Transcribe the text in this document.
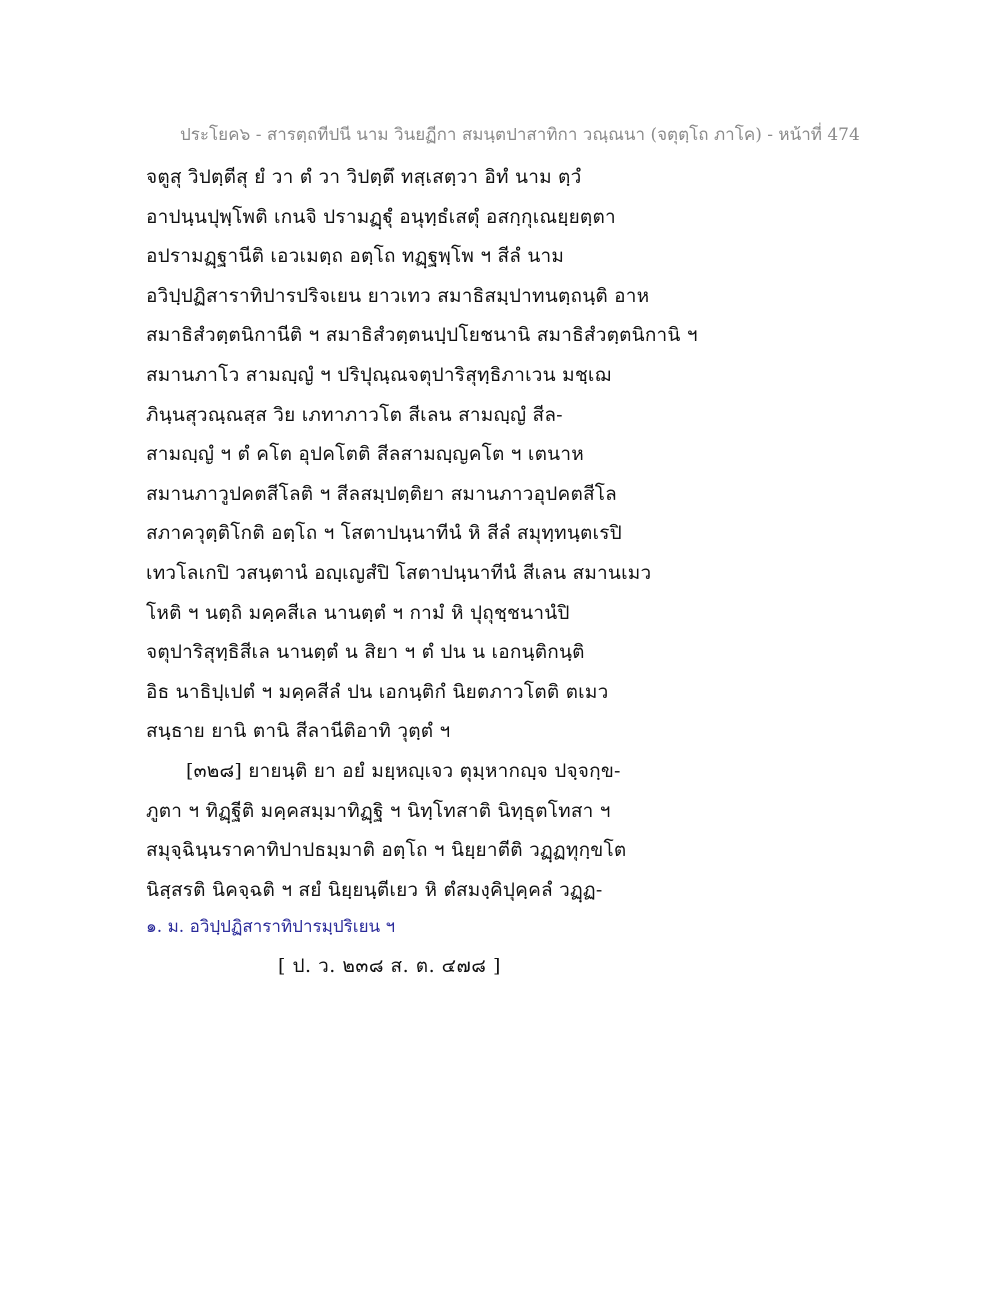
ประโยค๖ - สารตฺถทีปนี นาม วินยฏีกา สมนฺตปาสาทิกา วณฺณนา (จตุตฺโถ ภาโค) - หน้าที่ 474
จตูสุ วิปตฺตีสุ ยํ วา ตํ วา วิปตฺตึ ทสฺเสตฺวา อิทํ นาม ตฺวํ
อาปนฺนปุพฺโพติ เกนจิ ปรามฏฺฐุํ อนุทฺธํเสตุํ อสกฺกุเณยฺยตฺตา
อปรามฏฺฐานีติ เอวเมตฺถ อตฺโถ ทฏฺฐพฺโพ ฯ สีลํ นาม
อวิปฺปฏิสาราทิปารปริจเยน ยาวเทว สมาธิสมฺปาทนตฺถนฺติ อาห
สมาธิสํวตฺตนิกานีติ ฯ สมาธิสํวตฺตนปฺปโยชนานิ สมาธิสํวตฺตนิกานิ ฯ
สมานภาโว สามญฺญํ ฯ ปริปุณฺณจตุปาริสุทฺธิภาเวน มชฺเฌ
ภินฺนสุวณฺณสฺส วิย เภทาภาวโต สีเลน สามญฺญํ สีล-
สามญฺญํ ฯ ตํ คโต อุปคโตติ สีลสามญฺญคโต ฯ เตนาห
สมานภาวูปคตสีโลติ ฯ สีลสมฺปตฺติยา สมานภาวอุปคตสีโล
สภาควุตฺติโกติ อตฺโถ ฯ โสตาปนฺนาทีนํ หิ สีลํ สมุทฺทนฺตเรปิ
เทวโลเกปิ วสนฺตานํ อญฺเญสํปิ โสตาปนฺนาทีนํ สีเลน สมานเมว
โหติ ฯ นตฺถิ มคฺคสีเล นานตฺตํ ฯ กามํ หิ ปุถุชฺชนานํปิ
จตุปาริสุทฺธิสีเล นานตฺตํ น สิยา ฯ ตํ ปน น เอกนฺติกนฺติ
อิธ นาธิปฺเปตํ ฯ มคฺคสีลํ ปน เอกนฺติกํ นิยตภาวโตติ ตเมว
สนฺธาย ยานิ ตานิ สีลานีติอาทิ วุตฺตํ ฯ
[๓๒๘] ยายนฺติ ยา อยํ มยฺหญฺเจว ตุมฺหากญฺจ ปจฺจกฺข-
ภูตา ฯ ทิฏฺฐีติ มคฺคสมฺมาทิฏฺฐิ ฯ นิทฺโทสาติ นิทฺธุตโทสา ฯ
สมุจฺฉินฺนราคาทิปาปธมฺมาติ อตฺโถ ฯ นิยฺยาตีติ วฏฺฏทุกฺขโต
นิสฺสรติ นิคจฺฉติ ฯ สยํ นิยฺยนฺตีเยว หิ ตํสมงฺคิปุคฺคลํ วฏฺฏ-
๑. ม. อวิปฺปฏิสาราทิปารมฺปริเยน ฯ
[ ป. ว. ๒๓๘ ส. ต. ๔๗๘ ]
